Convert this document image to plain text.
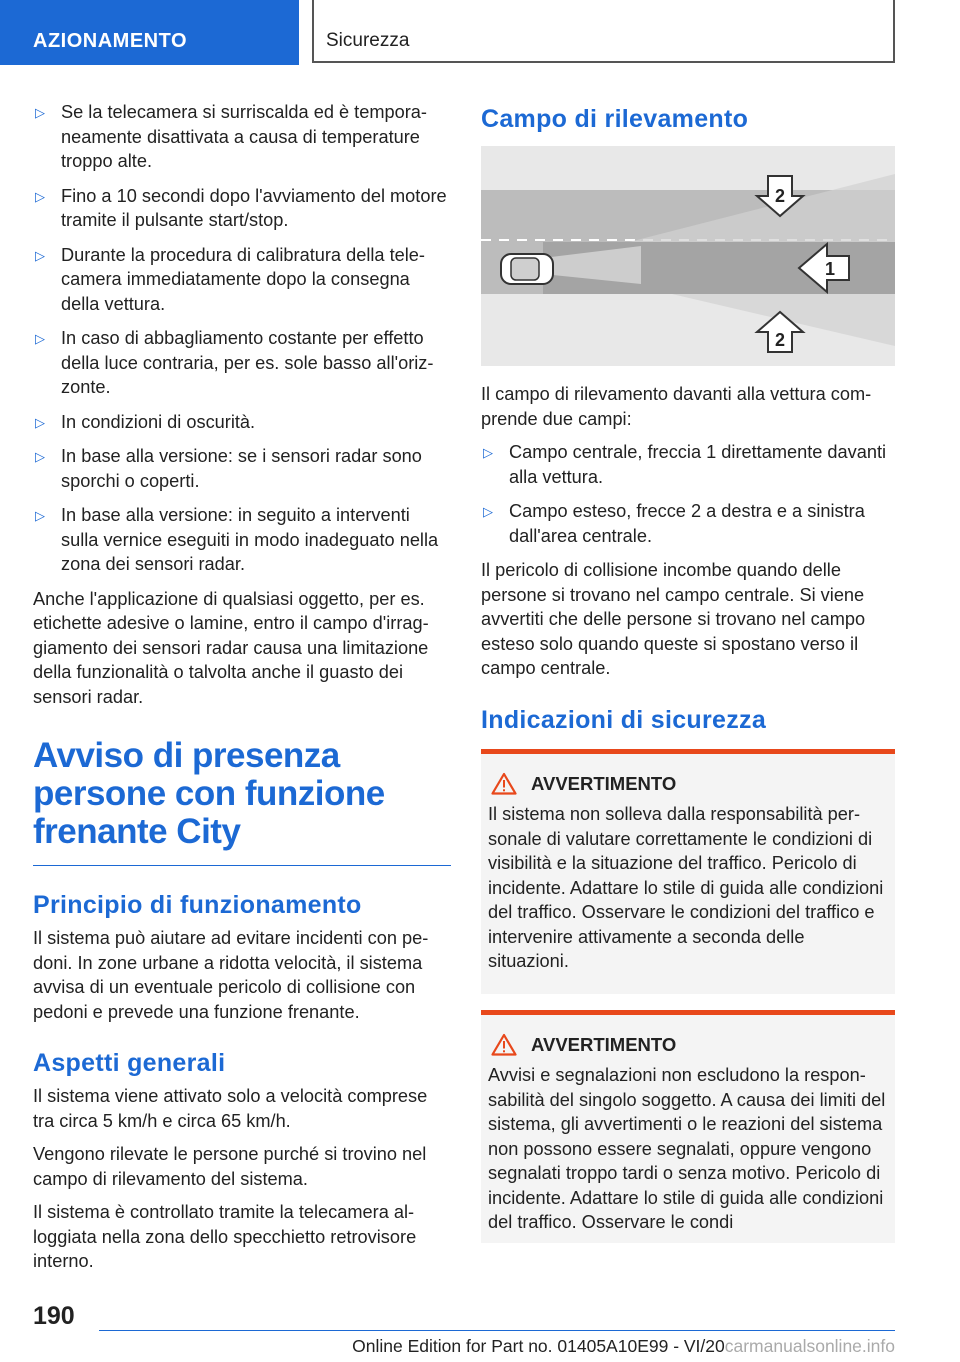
AZIONAMENTO	Sicurezza
▷ Se la telecamera si surriscalda ed è temporaneamente disattivata a causa di temperature troppo alte.
▷ Fino a 10 secondi dopo l'avviamento del motore tramite il pulsante start/stop.
▷ Durante la procedura di calibratura della telecamera immediatamente dopo la consegna della vettura.
▷ In caso di abbagliamento costante per effetto della luce contraria, per es. sole basso all'orizzonte.
▷ In condizioni di oscurità.
▷ In base alla versione: se i sensori radar sono sporchi o coperti.
▷ In base alla versione: in seguito a interventi sulla vernice eseguiti in modo inadeguato nella zona dei sensori radar.

Anche l'applicazione di qualsiasi oggetto, per es. etichette adesive o lamine, entro il campo d'irraggiamento dei sensori radar causa una limitazione della funzionalità o talvolta anche il guasto dei sensori radar.

Avviso di presenza persone con funzione frenante City
Principio di funzionamento

Il sistema può aiutare ad evitare incidenti con pedoni. In zone urbane a ridotta velocità, il sistema avvisa di un eventuale pericolo di collisione con pedoni e prevede una funzione frenante.

Aspetti generali

Il sistema viene attivato solo a velocità comprese tra circa 5 km/h e circa 65 km/h.

Vengono rilevate le persone purché si trovino nel campo di rilevamento del sistema.

Il sistema è controllato tramite la telecamera alloggiata nella zona dello specchietto retrovisore interno.

Campo di rilevamento
1
2
2

Il campo di rilevamento davanti alla vettura comprende due campi:

▷ Campo centrale, freccia 1 direttamente davanti alla vettura.
▷ Campo esteso, frecce 2 a destra e a sinistra dall'area centrale.

Il pericolo di collisione incombe quando delle persone si trovano nel campo centrale. Si viene avvertiti che delle persone si trovano nel campo esteso solo quando queste si spostano verso il campo centrale.

Indicazioni di sicurezza
AVVERTIMENTO

Il sistema non solleva dalla responsabilità personale di valutare correttamente le condizioni di visibilità e la situazione del traffico. Pericolo di incidente. Adattare lo stile di guida alle condizioni del traffico. Osservare le condizioni del traffico e intervenire attivamente a seconda delle situazioni.

AVVERTIMENTO

Avvisi e segnalazioni non escludono la responsabilità del singolo soggetto. A causa dei limiti del sistema, gli avvertimenti o le reazioni del sistema non possono essere segnalati, oppure vengono segnalati troppo tardi o senza motivo. Pericolo di incidente. Adattare lo stile di guida alle condizioni del traffico. Osservare le condi

190
Online Edition for Part no. 01405A10E99 - VI/20carmanualsonline.info
